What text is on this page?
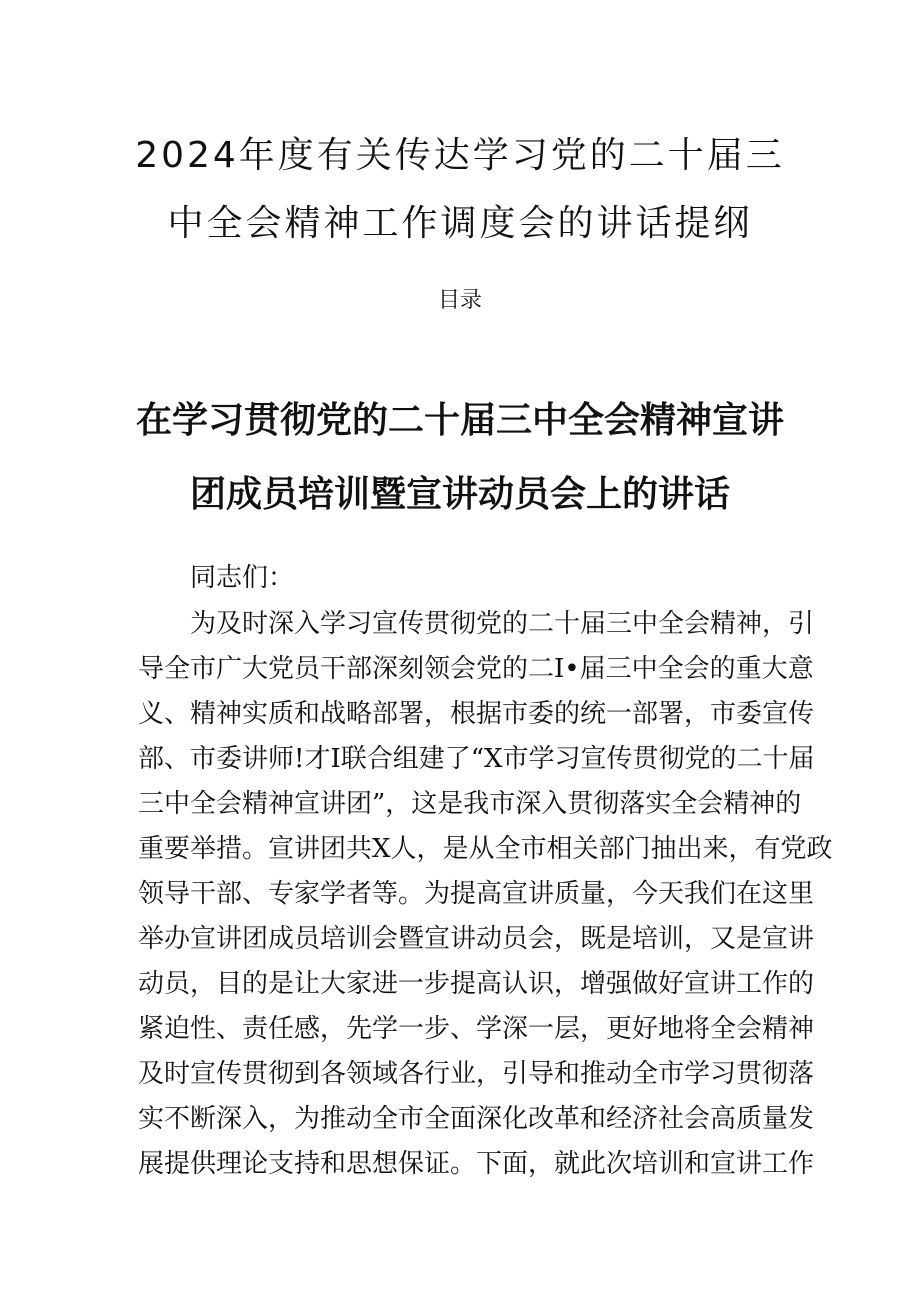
2024年度有关传达学习党的二十届三
中全会精神工作调度会的讲话提纲

目录

在学习贯彻党的二十届三中全会精神宣讲
团成员培训暨宣讲动员会上的讲话

同志们：

为及时深入学习宣传贯彻党的二十届三中全会精神，引

导全市广大党员干部深刻领会党的二I•届三中全会的重大意

义、精神实质和战略部署，根据市委的统一部署，市委宣传

部、市委讲师!才I联合组建了“X市学习宣传贯彻党的二十届

三中全会精神宣讲团”，这是我市深入贯彻落实全会精神的

重要举措。宣讲团共X人，是从全市相关部门抽出来，有党政

领导干部、专家学者等。为提高宣讲质量，今天我们在这里

举办宣讲团成员培训会暨宣讲动员会，既是培训，又是宣讲

动员，目的是让大家进一步提高认识，增强做好宣讲工作的

紧迫性、责任感，先学一步、学深一层，更好地将全会精神

及时宣传贯彻到各领域各行业，引导和推动全市学习贯彻落

实不断深入，为推动全市全面深化改革和经济社会高质量发

展提供理论支持和思想保证。下面，就此次培训和宣讲工作
